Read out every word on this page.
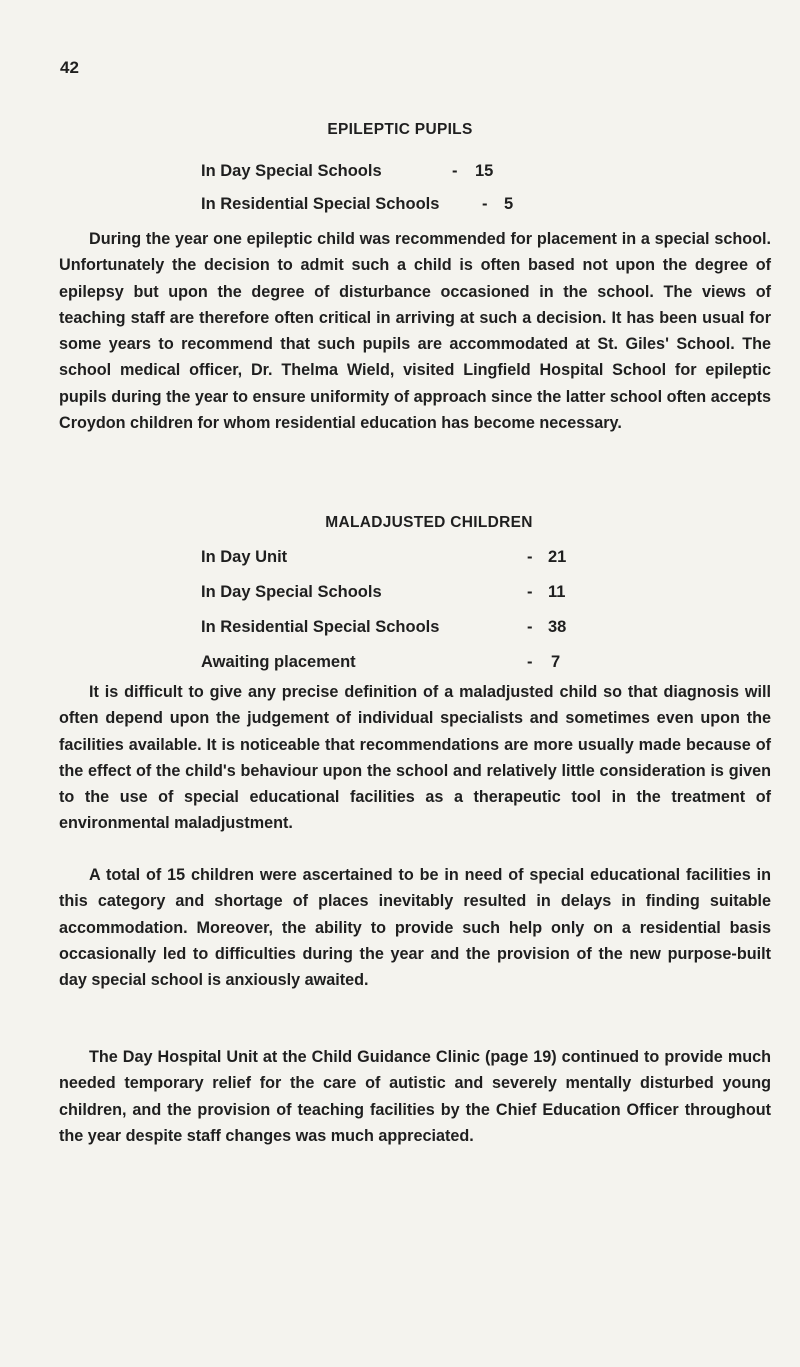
42
EPILEPTIC PUPILS
In Day Special Schools	- 15
In Residential Special Schools	- 5

During the year one epileptic child was recommended for placement in a special school. Unfortunately the decision to admit such a child is often based not upon the degree of epilepsy but upon the degree of disturbance occasioned in the school. The views of teaching staff are therefore often critical in arriving at such a decision. It has been usual for some years to recommend that such pupils are accommodated at St. Giles' School. The school medical officer, Dr. Thelma Wield, visited Lingfield Hospital School for epileptic pupils during the year to ensure uniformity of approach since the latter school often accepts Croydon children for whom residential education has become necessary.

MALADJUSTED CHILDREN
In Day Unit	- 21
In Day Special Schools	- 11
In Residential Special Schools	- 38
Awaiting placement	- 7

It is difficult to give any precise definition of a maladjusted child so that diagnosis will often depend upon the judgement of individual specialists and sometimes even upon the facilities available. It is noticeable that recommendations are more usually made because of the effect of the child's behaviour upon the school and relatively little consideration is given to the use of special educational facilities as a therapeutic tool in the treatment of environmental maladjustment.

A total of 15 children were ascertained to be in need of special educational facilities in this category and shortage of places inevitably resulted in delays in finding suitable accommodation. Moreover, the ability to provide such help only on a residential basis occasionally led to difficulties during the year and the provision of the new purpose-built day special school is anxiously awaited.

The Day Hospital Unit at the Child Guidance Clinic (page 19) continued to provide much needed temporary relief for the care of autistic and severely mentally disturbed young children, and the provision of teaching facilities by the Chief Education Officer throughout the year despite staff changes was much appreciated.
